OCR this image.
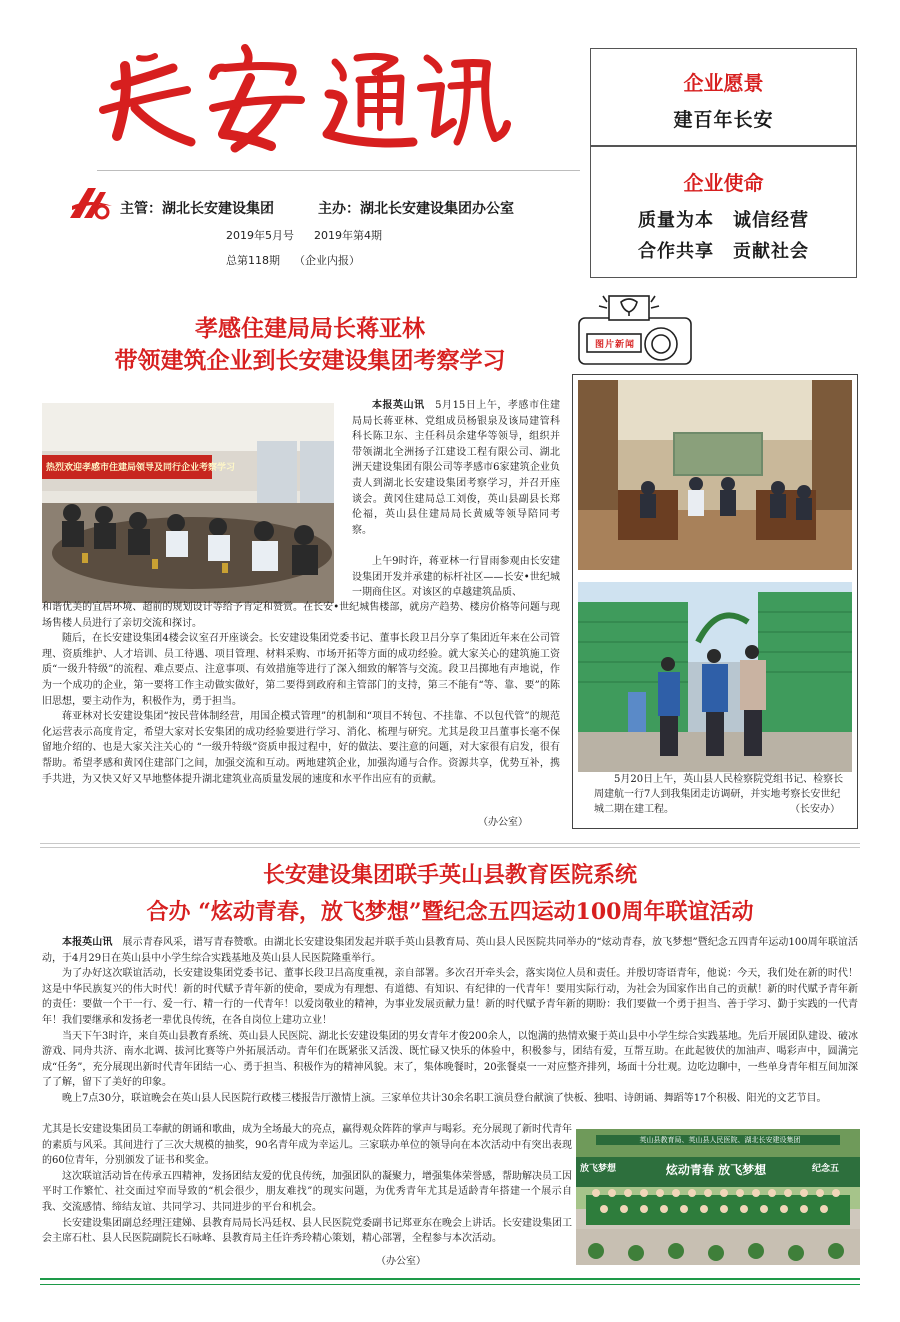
主管：湖北长安建设集团	主办：湖北长安建设集团办公室
2019年5月号 2019年第4期
总第118期 （企业内报）
企业愿景
建百年长安
企业使命
质量为本　诚信经营
合作共享　贡献社会
图片新闻
孝感住建局局长蒋亚林
带领建筑企业到长安建设集团考察学习
热烈欢迎孝感市住建局领导及同行企业考察学习

本报英山讯　 5月15日上午，孝感市住建局局长蒋亚林、党组成员杨银泉及该局建管科科长陈卫东、主任科员余建华等领导，组织并带领湖北全洲扬子江建设工程有限公司、湖北洲天建设集团有限公司等孝感市6家建筑企业负责人到湖北长安建设集团考察学习，并召开座谈会。黄冈住建局总工刘俊，英山县副县长郑伦福，英山县住建局局长黄威等领导陪同考察。

上午9时许，蒋亚林一行冒雨参观由长安建设集团开发并承建的标杆社区——长安•世纪城一期商住区。对该区的卓越建筑品质、

和谐优美的宜居环境、超前的规划设计等给予肯定和赞赏。在长安•世纪城售楼部，就房产趋势、楼房价格等问题与现场售楼人员进行了亲切交流和探讨。

随后，在长安建设集团4楼会议室召开座谈会。长安建设集团党委书记、董事长段卫吕分享了集团近年来在公司管理、资质维护、人才培训、员工待遇、项目管理、材料采购、市场开拓等方面的成功经验。就大家关心的建筑施工资质“一级升特级”的流程、难点要点、注意事项、有效措施等进行了深入细致的解答与交流。段卫吕掷地有声地说，作为一个成功的企业，第一要将工作主动做实做好，第二要得到政府和主管部门的支持，第三不能有“等、靠、要”的陈旧思想，要主动作为，积极作为，勇于担当。

蒋亚林对长安建设集团“按民营体制经营，用国企模式管理”的机制和“项目不转包、不挂靠、不以包代管”的规范化运营表示高度肯定，希望大家对长安集团的成功经验要进行学习、消化、梳理与研究。尤其是段卫吕董事长毫不保留地介绍的、也是大家关注关心的 “一级升特级”资质申报过程中，好的做法、要注意的问题，对大家很有启发，很有帮助。希望孝感和黄冈住建部门之间，加强交流和互动。两地建筑企业，加强沟通与合作。资源共享，优势互补，携手共进，为又快又好又早地整体提升湖北建筑业高质量发展的速度和水平作出应有的贡献。

（办公室）

5月20日上午，英山县人民检察院党组书记、检察长周建航一行7人到我集团走访调研，并实地考察长安世纪城二期在建工程。	（长安办）
长安建设集团联手英山县教育医院系统
合办 “炫动青春，放飞梦想”暨纪念五四运动100周年联谊活动

本报英山讯　 展示青春风采，谱写青春赞歌。由湖北长安建设集团发起并联手英山县教育局、英山县人民医院共同举办的“炫动青春，放飞梦想”暨纪念五四青年运动100周年联谊活动，于4月29日在英山县中小学生综合实践基地及英山县人民医院隆重举行。

为了办好这次联谊活动，长安建设集团党委书记、董事长段卫吕高度重视，亲自部署。多次召开牵头会，落实岗位人员和责任。并殷切寄语青年，他说：今天，我们处在新的时代！这是中华民族复兴的伟大时代！新的时代赋予青年新的使命，要成为有理想、有道德、有知识、有纪律的一代青年！要用实际行动，为社会为国家作出自己的贡献！新的时代赋予青年新的责任：要做一个干一行、爱一行、精一行的一代青年！以爱岗敬业的精神，为事业发展贡献力量！新的时代赋予青年新的期盼：我们要做一个勇于担当、善于学习、勤于实践的一代青年！我们要继承和发扬老一辈优良传统，在各自岗位上建功立业！

当天下午3时许，来自英山县教育系统、英山县人民医院、湖北长安建设集团的男女青年才俊200余人，以饱满的热情欢聚于英山县中小学生综合实践基地。先后开展团队建设、破冰游戏、同舟共济、南水北调、拔河比赛等户外拓展活动。青年们在既紧张又活泼、既忙碌又快乐的体验中，积极参与，团结有爱，互帮互助。在此起彼伏的加油声、喝彩声中，圆满完成“任务”，充分展现出新时代青年团结一心、勇于担当、积极作为的精神风貌。末了，集体晚餐时，20张餐桌一一对应整齐排列，场面十分壮观。边吃边聊中，一些单身青年相互间加深了了解，留下了美好的印象。

晚上7点30分，联谊晚会在英山县人民医院行政楼三楼报告厅激情上演。三家单位共计30余名职工演员登台献演了快板、独唱、诗朗诵、舞蹈等17个积极、阳光的文艺节目。

尤其是长安建设集团员工奉献的朗诵和歌曲，成为全场最大的亮点，赢得观众阵阵的掌声与喝彩。充分展现了新时代青年的素质与风采。其间进行了三次大规模的抽奖，90名青年成为幸运儿。三家联办单位的领导向在本次活动中有突出表现的60位青年，分别颁发了证书和奖金。

这次联谊活动旨在传承五四精神，发扬团结友爱的优良传统，加强团队的凝聚力，增强集体荣誉感，帮助解决员工因平时工作繁忙、社交面过窄而导致的“机会很少，朋友难找”的现实问题，为优秀青年尤其是适龄青年搭建一个展示自我、交流感情、缔结友谊、共同学习、共同进步的平台和机会。

长安建设集团副总经理汪建娣、县教育局局长冯廷权、县人民医院党委副书记郑亚东在晚会上讲话。长安建设集团工会主席石杜、县人民医院副院长石咏峰、县教育局主任许秀玲精心策划，精心部署，全程参与本次活动。

（办公室）
英山县教育局、英山县人民医院、湖北长安建设集团
炫动青春 放飞梦想
放飞梦想	纪念五
